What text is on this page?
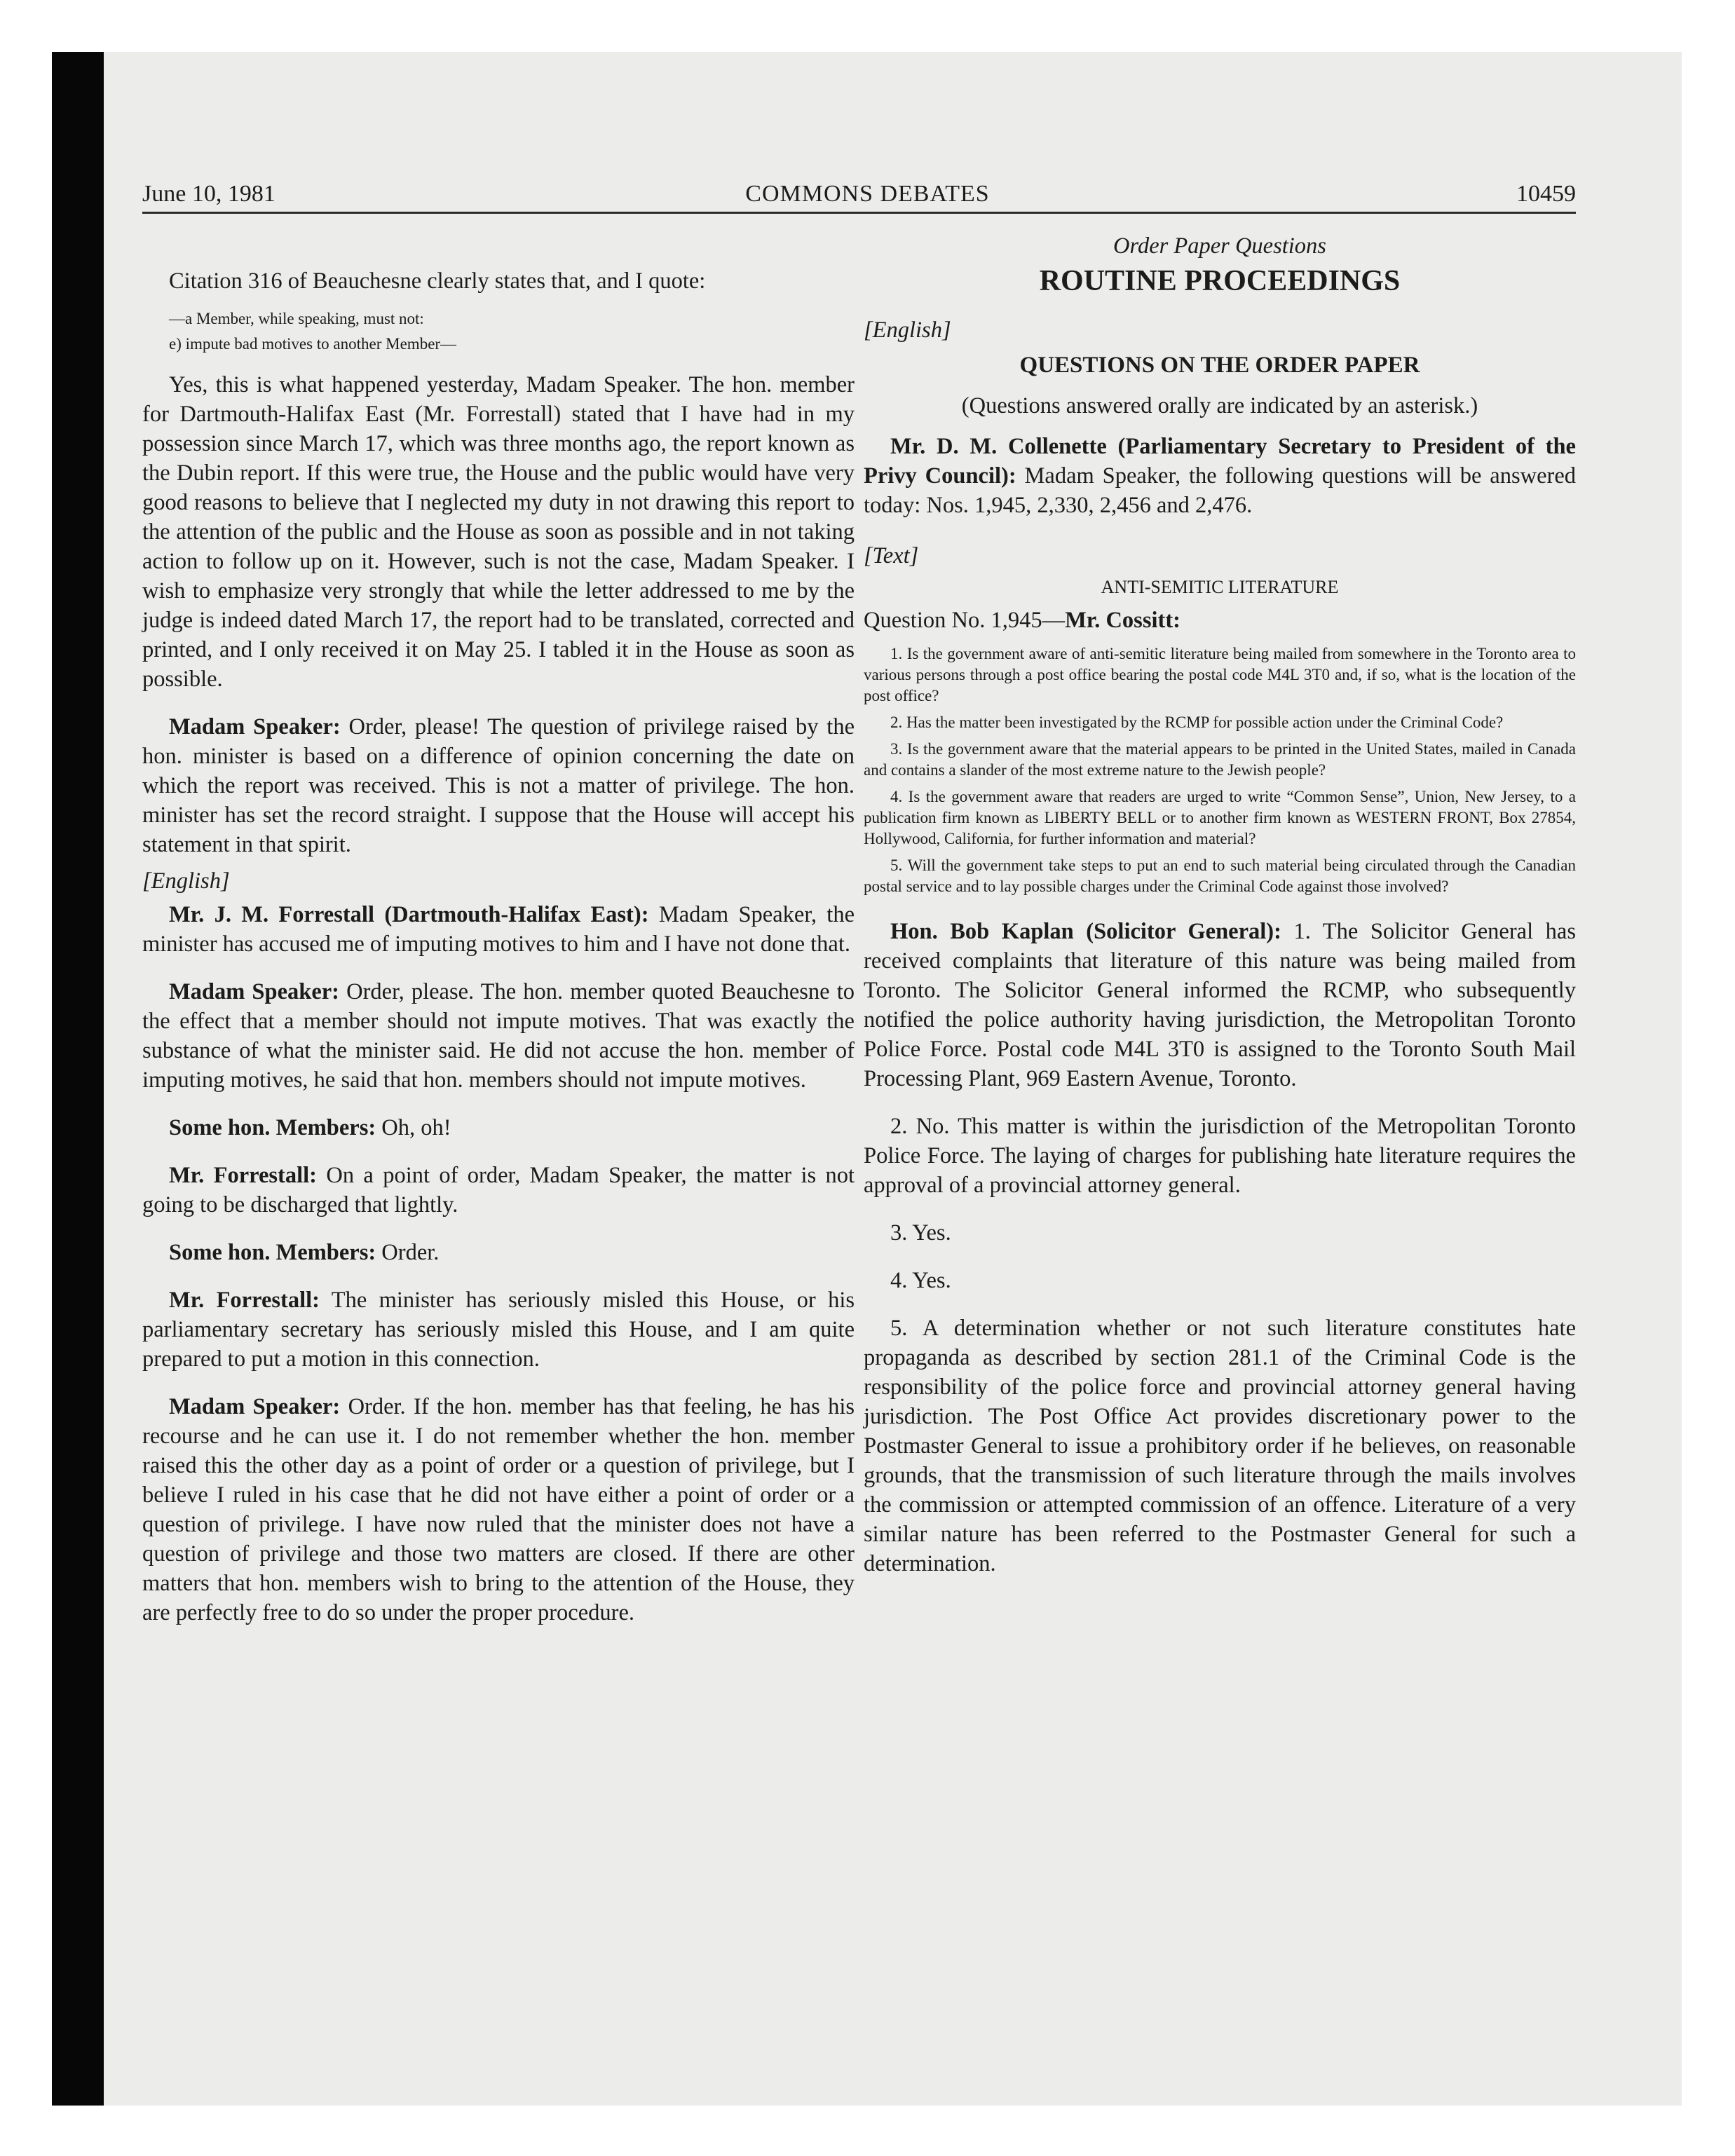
June 10, 1981	COMMONS DEBATES	10459

Citation 316 of Beauchesne clearly states that, and I quote:

—a Member, while speaking, must not:

e) impute bad motives to another Member—

Yes, this is what happened yesterday, Madam Speaker. The hon. member for Dartmouth-Halifax East (Mr. Forrestall) stated that I have had in my possession since March 17, which was three months ago, the report known as the Dubin report. If this were true, the House and the public would have very good reasons to believe that I neglected my duty in not drawing this report to the attention of the public and the House as soon as possible and in not taking action to follow up on it. However, such is not the case, Madam Speaker. I wish to emphasize very strongly that while the letter addressed to me by the judge is indeed dated March 17, the report had to be translated, corrected and printed, and I only received it on May 25. I tabled it in the House as soon as possible.

Madam Speaker: Order, please! The question of privilege raised by the hon. minister is based on a difference of opinion concerning the date on which the report was received. This is not a matter of privilege. The hon. minister has set the record straight. I suppose that the House will accept his statement in that spirit.

[English]

Mr. J. M. Forrestall (Dartmouth-Halifax East): Madam Speaker, the minister has accused me of imputing motives to him and I have not done that.

Madam Speaker: Order, please. The hon. member quoted Beauchesne to the effect that a member should not impute motives. That was exactly the substance of what the minister said. He did not accuse the hon. member of imputing motives, he said that hon. members should not impute motives.

Some hon. Members: Oh, oh!

Mr. Forrestall: On a point of order, Madam Speaker, the matter is not going to be discharged that lightly.

Some hon. Members: Order.

Mr. Forrestall: The minister has seriously misled this House, or his parliamentary secretary has seriously misled this House, and I am quite prepared to put a motion in this connection.

Madam Speaker: Order. If the hon. member has that feeling, he has his recourse and he can use it. I do not remember whether the hon. member raised this the other day as a point of order or a question of privilege, but I believe I ruled in his case that he did not have either a point of order or a question of privilege. I have now ruled that the minister does not have a question of privilege and those two matters are closed. If there are other matters that hon. members wish to bring to the attention of the House, they are perfectly free to do so under the proper procedure.

Order Paper Questions

ROUTINE PROCEEDINGS

[English]

QUESTIONS ON THE ORDER PAPER

(Questions answered orally are indicated by an asterisk.)

Mr. D. M. Collenette (Parliamentary Secretary to President of the Privy Council): Madam Speaker, the following questions will be answered today: Nos. 1,945, 2,330, 2,456 and 2,476.

[Text]

ANTI-SEMITIC LITERATURE

Question No. 1,945—Mr. Cossitt:

1. Is the government aware of anti-semitic literature being mailed from somewhere in the Toronto area to various persons through a post office bearing the postal code M4L 3T0 and, if so, what is the location of the post office?

2. Has the matter been investigated by the RCMP for possible action under the Criminal Code?

3. Is the government aware that the material appears to be printed in the United States, mailed in Canada and contains a slander of the most extreme nature to the Jewish people?

4. Is the government aware that readers are urged to write “Common Sense”, Union, New Jersey, to a publication firm known as LIBERTY BELL or to another firm known as WESTERN FRONT, Box 27854, Hollywood, California, for further information and material?

5. Will the government take steps to put an end to such material being circulated through the Canadian postal service and to lay possible charges under the Criminal Code against those involved?

Hon. Bob Kaplan (Solicitor General): 1. The Solicitor General has received complaints that literature of this nature was being mailed from Toronto. The Solicitor General informed the RCMP, who subsequently notified the police authority having jurisdiction, the Metropolitan Toronto Police Force. Postal code M4L 3T0 is assigned to the Toronto South Mail Processing Plant, 969 Eastern Avenue, Toronto.

2. No. This matter is within the jurisdiction of the Metropolitan Toronto Police Force. The laying of charges for publishing hate literature requires the approval of a provincial attorney general.

3. Yes.

4. Yes.

5. A determination whether or not such literature constitutes hate propaganda as described by section 281.1 of the Criminal Code is the responsibility of the police force and provincial attorney general having jurisdiction. The Post Office Act provides discretionary power to the Postmaster General to issue a prohibitory order if he believes, on reasonable grounds, that the transmission of such literature through the mails involves the commission or attempted commission of an offence. Literature of a very similar nature has been referred to the Postmaster General for such a determination.
